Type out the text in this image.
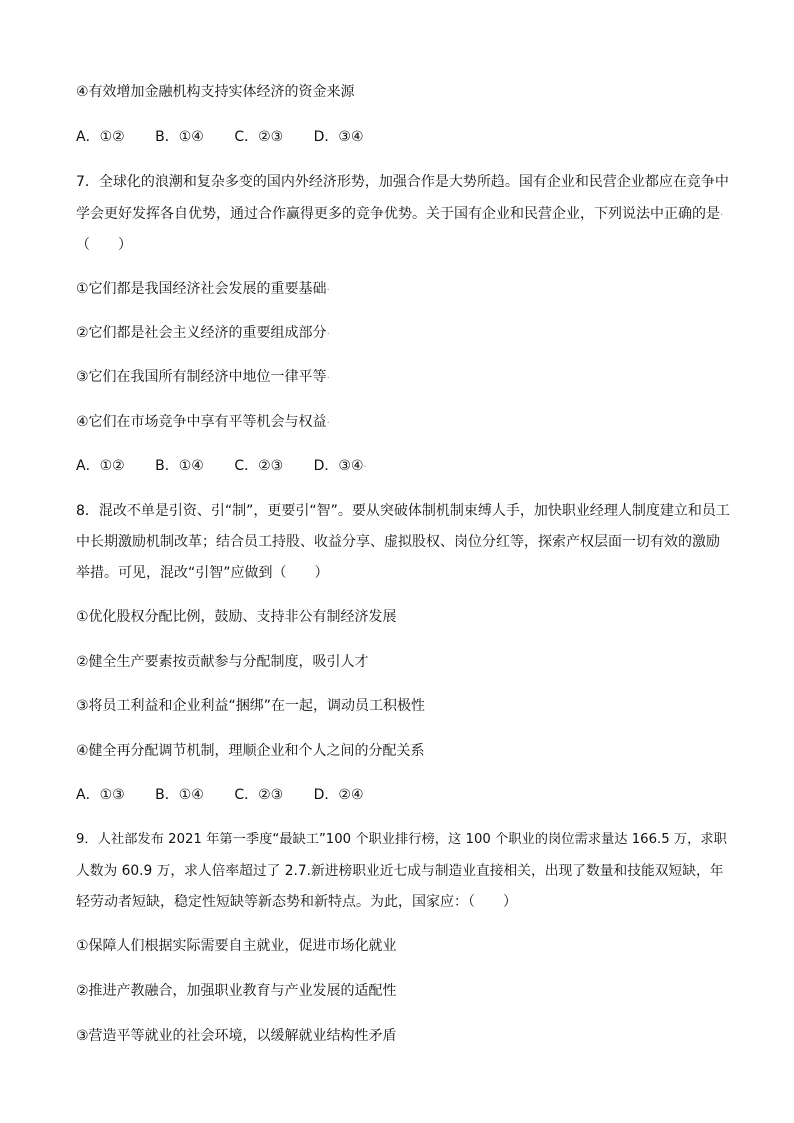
④有效增加金融机构支持实体经济的资金来源
A．①② B．①④ C．②③ D．③④
7．全球化的浪潮和复杂多变的国内外经济形势，加强合作是大势所趋。国有企业和民营企业都应在竞争中
学会更好发挥各自优势，通过合作赢得更多的竞争优势。关于国有企业和民营企业，下列说法中正确的是·
（　　）
①它们都是我国经济社会发展的重要基础·
②它们都是社会主义经济的重要组成部分·
③它们在我国所有制经济中地位一律平等·
④它们在市场竞争中享有平等机会与权益·
A．①② B．①④ C．②③ D．③④·
8．混改不单是引资、引“制”，更要引“智”。要从突破体制机制束缚人手，加快职业经理人制度建立和员工
中长期激励机制改革；结合员工持股、收益分享、虚拟股权、岗位分红等，探索产权层面一切有效的激励
举措。可见，混改“引智”应做到（　　）
①优化股权分配比例，鼓励、支持非公有制经济发展
②健全生产要素按贡献参与分配制度，吸引人才
③将员工利益和企业利益“捆绑”在一起，调动员工积极性
④健全再分配调节机制，理顺企业和个人之间的分配关系
A．①③ B．①④ C．②③ D．②④
9．人社部发布 2021 年第一季度“最缺工”100 个职业排行榜，这 100 个职业的岗位需求量达 166.5 万，求职
人数为 60.9 万，求人倍率超过了 2.7.新进榜职业近七成与制造业直接相关，出现了数量和技能双短缺，年
轻劳动者短缺，稳定性短缺等新态势和新特点。为此，国家应：（　　）
①保障人们根据实际需要自主就业，促进市场化就业
②推进产教融合，加强职业教育与产业发展的适配性
③营造平等就业的社会环境，以缓解就业结构性矛盾
